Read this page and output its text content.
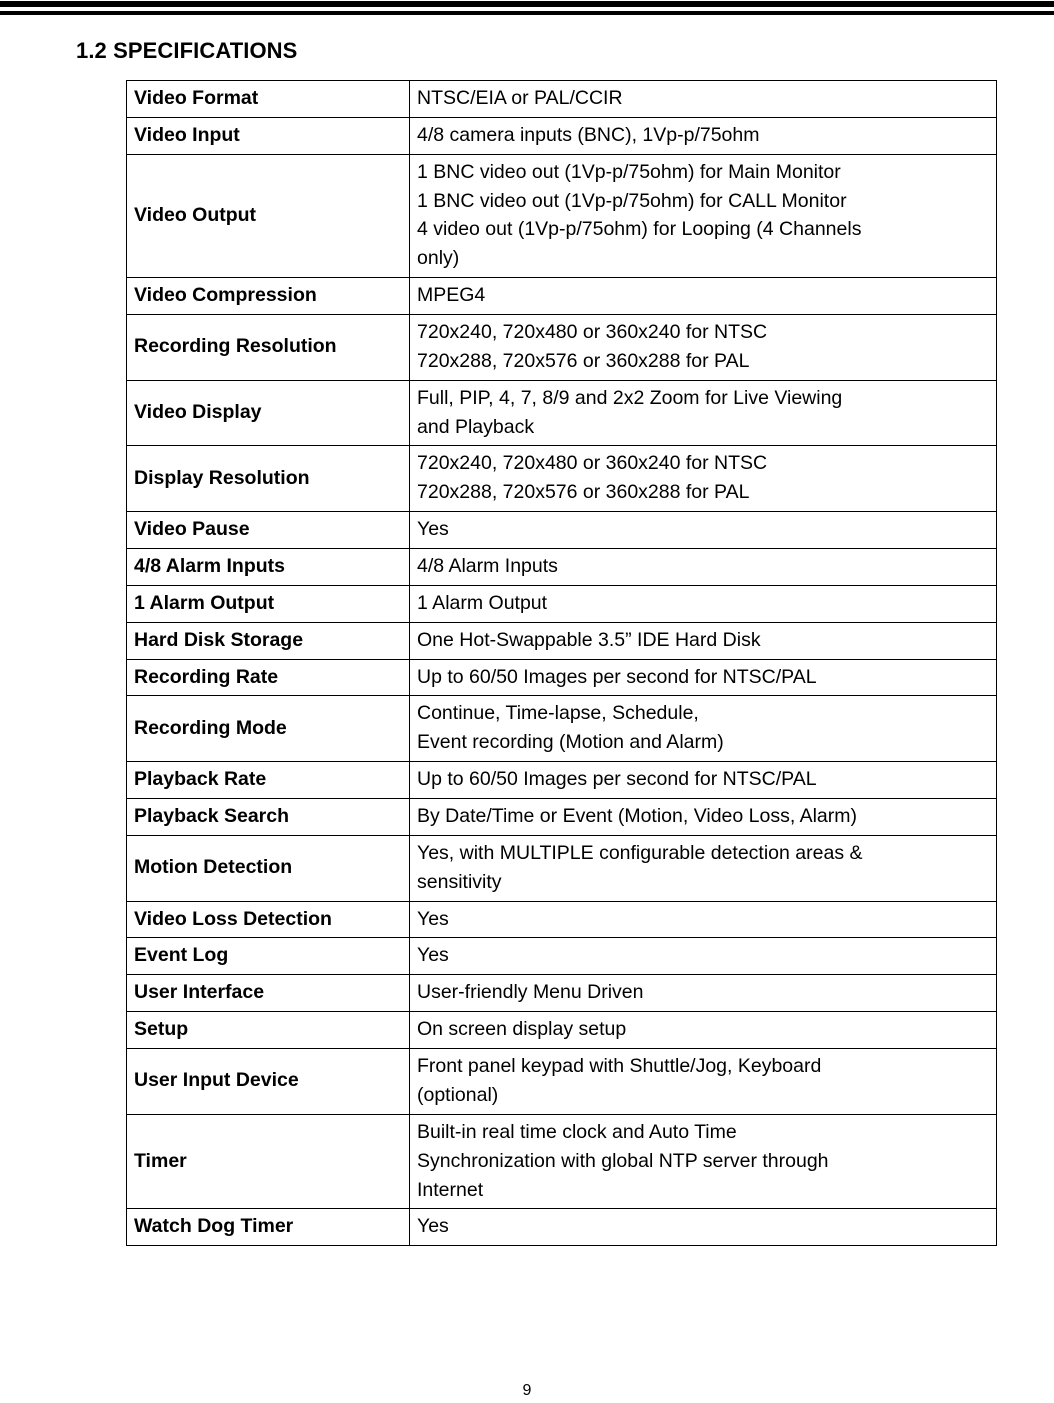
1.2 SPECIFICATIONS
Video Format	NTSC/EIA or PAL/CCIR

Video Input	4/8 camera inputs (BNC), 1Vp-p/75ohm

Video Output	1 BNC video out (1Vp-p/75ohm) for Main Monitor
1 BNC video out (1Vp-p/75ohm) for CALL Monitor
4 video out (1Vp-p/75ohm) for Looping (4 Channels
only)

Video Compression	MPEG4

Recording Resolution	720x240, 720x480 or 360x240 for NTSC
720x288, 720x576 or 360x288 for PAL

Video Display	Full, PIP, 4, 7, 8/9 and 2x2 Zoom for Live Viewing
and Playback

Display Resolution	720x240, 720x480 or 360x240 for NTSC
720x288, 720x576 or 360x288 for PAL

Video Pause	Yes

4/8 Alarm Inputs	4/8 Alarm Inputs

1 Alarm Output	1 Alarm Output

Hard Disk Storage	One Hot-Swappable 3.5” IDE Hard Disk

Recording Rate	Up to 60/50 Images per second for NTSC/PAL

Recording Mode	Continue, Time-lapse, Schedule,
Event recording (Motion and Alarm)

Playback Rate	Up to 60/50 Images per second for NTSC/PAL

Playback Search	By Date/Time or Event (Motion, Video Loss, Alarm)

Motion Detection	Yes, with MULTIPLE configurable detection areas &
sensitivity

Video Loss Detection	Yes

Event Log	Yes

User Interface	User-friendly Menu Driven

Setup	On screen display setup

User Input Device	Front panel keypad with Shuttle/Jog, Keyboard
(optional)

Timer	Built-in real time clock and Auto Time
Synchronization with global NTP server through
Internet

Watch Dog Timer	Yes
9
